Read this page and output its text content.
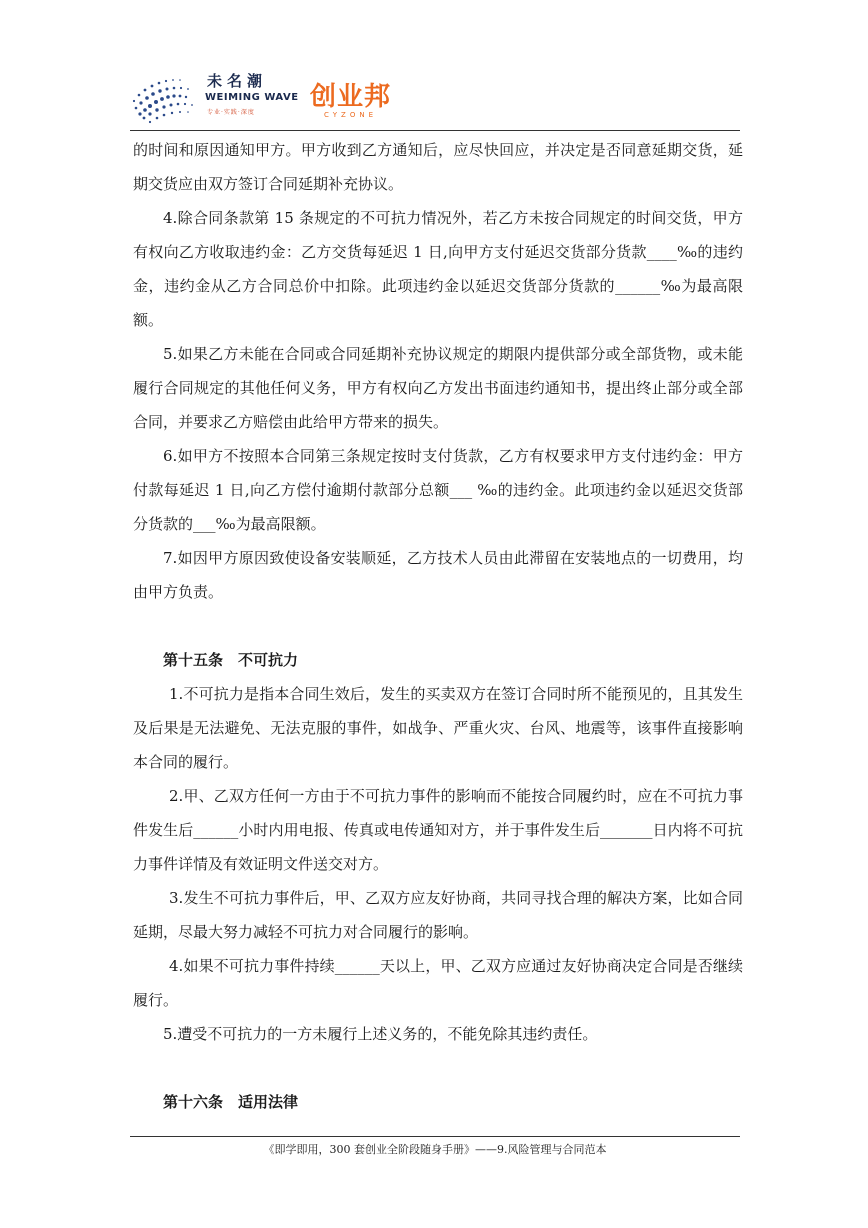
未名潮
WEIMING WAVE
专业·实践·深度
创业邦
CYZONE

的时间和原因通知甲方。甲方收到乙方通知后，应尽快回应，并决定是否同意延期交货，延期交货应由双方签订合同延期补充协议。

4.除合同条款第 15 条规定的不可抗力情况外，若乙方未按合同规定的时间交货，甲方有权向乙方收取违约金：乙方交货每延迟 1 日,向甲方支付延迟交货部分货款____‰的违约金，违约金从乙方合同总价中扣除。此项违约金以延迟交货部分货款的______‰为最高限额。

5.如果乙方未能在合同或合同延期补充协议规定的期限内提供部分或全部货物，或未能履行合同规定的其他任何义务，甲方有权向乙方发出书面违约通知书，提出终止部分或全部合同，并要求乙方赔偿由此给甲方带来的损失。

6.如甲方不按照本合同第三条规定按时支付货款，乙方有权要求甲方支付违约金：甲方付款每延迟 1 日,向乙方偿付逾期付款部分总额___ ‰的违约金。此项违约金以延迟交货部分货款的___‰为最高限额。

7.如因甲方原因致使设备安装顺延，乙方技术人员由此滞留在安装地点的一切费用，均由甲方负责。

第十五条　不可抗力

1.不可抗力是指本合同生效后，发生的买卖双方在签订合同时所不能预见的，且其发生及后果是无法避免、无法克服的事件，如战争、严重火灾、台风、地震等，该事件直接影响本合同的履行。

2.甲、乙双方任何一方由于不可抗力事件的影响而不能按合同履约时，应在不可抗力事件发生后______小时内用电报、传真或电传通知对方，并于事件发生后_______日内将不可抗力事件详情及有效证明文件送交对方。

3.发生不可抗力事件后，甲、乙双方应友好协商，共同寻找合理的解决方案，比如合同延期，尽最大努力减轻不可抗力对合同履行的影响。

4.如果不可抗力事件持续______天以上，甲、乙双方应通过友好协商决定合同是否继续履行。

5.遭受不可抗力的一方未履行上述义务的，不能免除其违约责任。

第十六条　适用法律

《即学即用，300 套创业全阶段随身手册》——9.风险管理与合同范本
